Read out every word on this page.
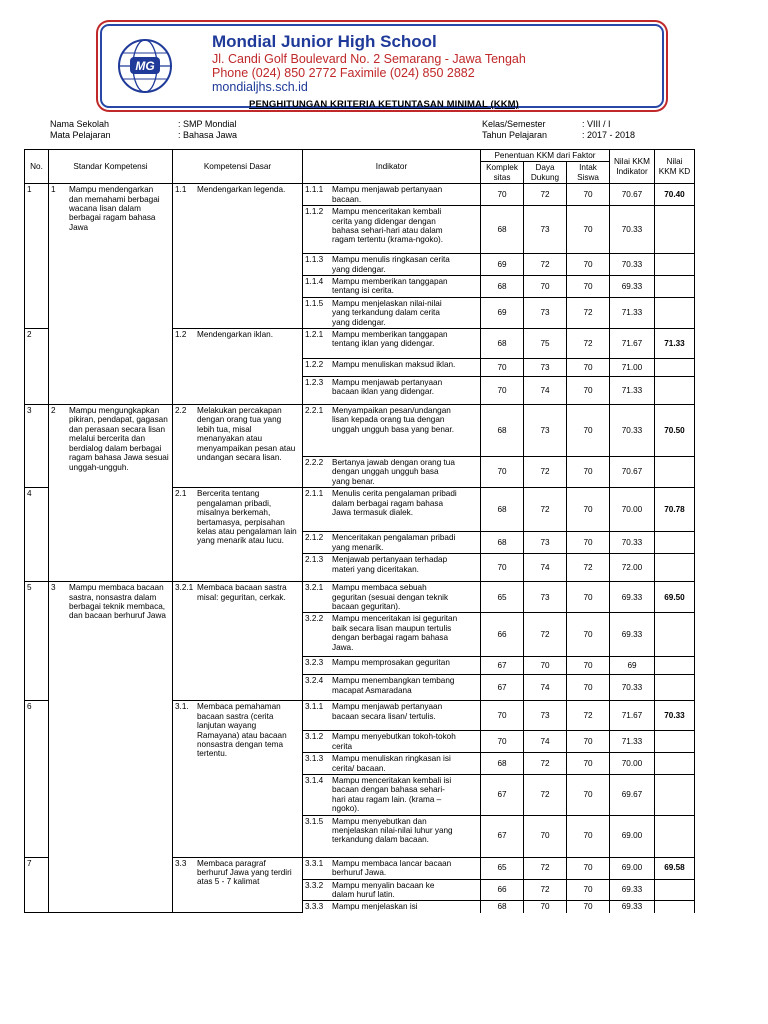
MG
Mondial Junior High School
Jl. Candi Golf Boulevard No. 2 Semarang - Jawa Tengah
Phone (024) 850 2772 Faximile (024) 850 2882
mondialjhs.sch.id
PENGHITUNGAN KRITERIA KETUNTASAN MINIMAL (KKM)
Nama Sekolah	: SMP Mondial
Mata Pelajaran	: Bahasa Jawa
Kelas/Semester	: VIII / I
Tahun Pelajaran	: 2017 - 2018
No.	Standar Kompetensi	Kompetensi Dasar	Indikator	Penentuan KKM dari Faktor			Nilai KKM Indikator	Nilai KKM KD
				Komplek sitas	Daya Dukung	Intak Siswa		
1	1 Mampu mendengarkan dan memahami berbagai wacana lisan dalam berbagai ragam bahasa Jawa	1.1 Mendengarkan legenda.	1.1.1 Mampu menjawab pertanyaan bacaan.	70	72	70	70.67	70.40
			1.1.2 Mampu menceritakan kembali cerita yang didengar dengan bahasa sehari-hari atau dalam ragam tertentu (krama-ngoko).	68	73	70	70.33	
			1.1.3 Mampu menulis ringkasan cerita yang didengar.	69	72	70	70.33	
			1.1.4 Mampu memberikan tanggapan tentang isi cerita.	68	70	70	69.33	
			1.1.5 Mampu menjelaskan nilai-nilai yang terkandung dalam cerita yang didengar.	69	73	72	71.33	
2		1.2 Mendengarkan iklan.	1.2.1 Mampu memberikan tanggapan tentang iklan yang didengar.	68	75	72	71.67	71.33
			1.2.2 Mampu menuliskan maksud iklan.	70	73	70	71.00	
			1.2.3 Mampu menjawab pertanyaan bacaan iklan yang didengar.	70	74	70	71.33	
3	2 Mampu mengungkapkan pikiran, pendapat, gagasan dan perasaan secara lisan melalui bercerita dan berdialog dalam berbagai ragam bahasa Jawa sesuai unggah-ungguh.	2.2 Melakukan percakapan dengan orang tua yang lebih tua, misal menanyakan atau menyampaikan pesan atau undangan secara lisan.	2.2.1 Menyampaikan pesan/undangan lisan kepada orang tua dengan unggah ungguh basa yang benar.	68	73	70	70.33	70.50
			2.2.2 Bertanya jawab dengan orang tua dengan unggah ungguh basa yang benar.	70	72	70	70.67	
4		2.1 Bercerita tentang pengalaman pribadi, misalnya berkemah, bertamasya, perpisahan kelas atau pengalaman lain yang menarik atau lucu.	2.1.1 Menulis cerita pengalaman pribadi dalam berbagai ragam bahasa Jawa termasuk dialek.	68	72	70	70.00	70.78
			2.1.2 Menceritakan pengalaman pribadi yang menarik.	68	73	70	70.33	
			2.1.3 Menjawab pertanyaan terhadap materi yang diceritakan.	70	74	72	72.00	
5	3 Mampu membaca bacaan sastra, nonsastra dalam berbagai teknik membaca, dan bacaan berhuruf Jawa	3.2.1 Membaca bacaan sastra misal: geguritan, cerkak.	3.2.1 Mampu membaca sebuah geguritan (sesuai dengan teknik bacaan geguritan).	65	73	70	69.33	69.50
			3.2.2 Mampu menceritakan isi geguritan baik secara lisan maupun tertulis dengan berbagai ragam bahasa Jawa.	66	72	70	69.33	
			3.2.3 Mampu memprosakan geguritan	67	70	70	69	
			3.2.4 Mampu menembangkan tembang macapat Asmaradana	67	74	70	70.33	
6		3.1. Membaca pemahaman bacaan sastra (cerita lanjutan wayang Ramayana) atau bacaan nonsastra dengan tema tertentu.	3.1.1 Mampu menjawab pertanyaan bacaan secara lisan/ tertulis.	70	73	72	71.67	70.33
			3.1.2 Mampu menyebutkan tokoh-tokoh cerita	70	74	70	71.33	
			3.1.3 Mampu menuliskan ringkasan isi cerita/ bacaan.	68	72	70	70.00	
			3.1.4 Mampu menceritakan kembali isi bacaan dengan bahasa sehari-hari atau ragam lain. (krama – ngoko).	67	72	70	69.67	
			3.1.5 Mampu menyebutkan dan menjelaskan nilai-nilai luhur yang terkandung dalam bacaan.	67	70	70	69.00	
7		3.3 Membaca paragraf berhuruf Jawa yang terdiri atas 5 - 7 kalimat	3.3.1 Mampu membaca lancar bacaan berhuruf Jawa.	65	72	70	69.00	69.58
			3.3.2 Mampu menyalin bacaan ke dalam huruf latin.	66	72	70	69.33	
			3.3.3 Mampu menjelaskan isi	68	70	70	69.33	
